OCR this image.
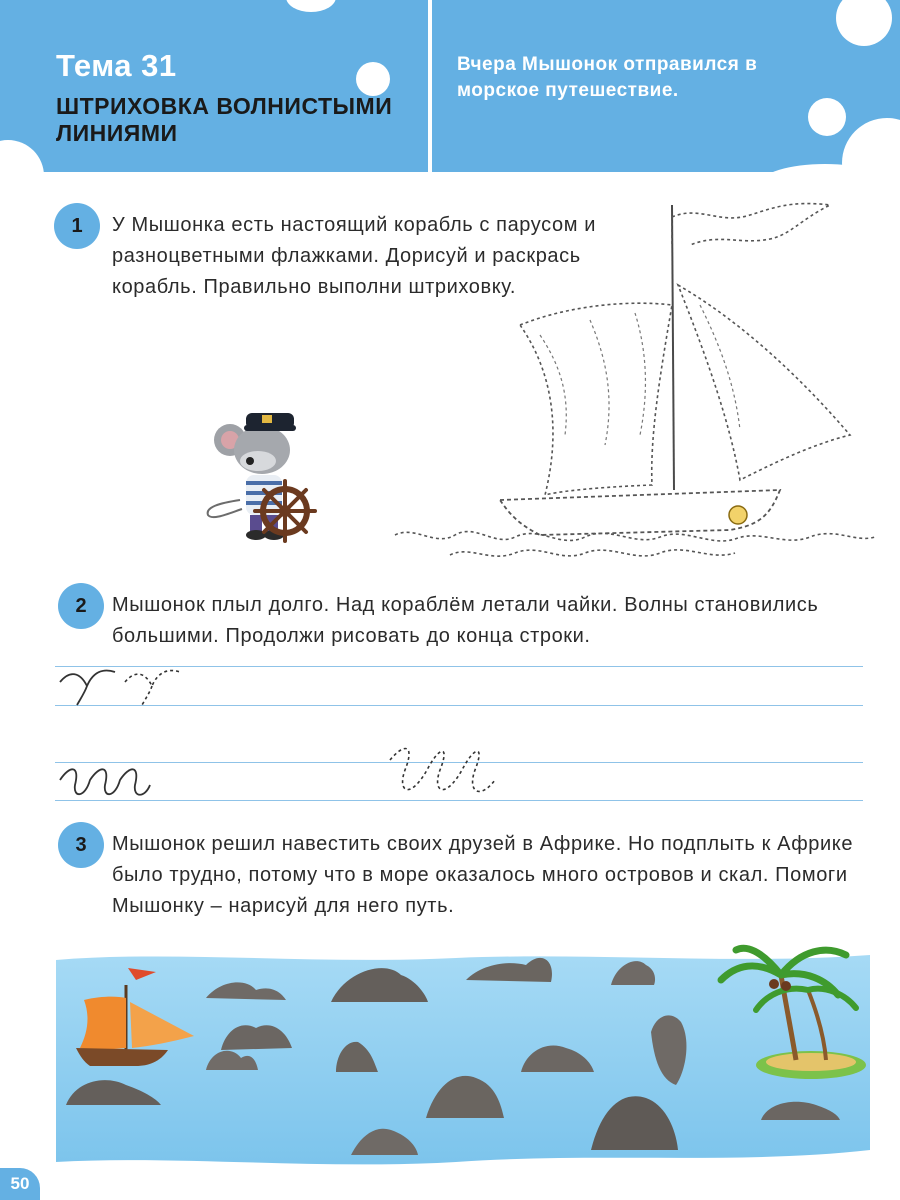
Тема 31
ШТРИХОВКА ВОЛНИСТЫМИ ЛИНИЯМИ

Вчера Мышонок отправился в морское путешествие.

1	У Мышонка есть настоящий корабль с парусом и разноцветными флажками. Дорисуй и раскрась корабль. Правильно выполни штриховку.

2	Мышонок плыл долго. Над кораблём летали чайки. Волны становились большими. Продолжи рисовать до конца строки.

3	Мышонок решил навестить своих друзей в Африке. Но подплыть к Африке было трудно, потому что в море оказалось много островов и скал. Помоги Мышонку – нарисуй для него путь.

50
